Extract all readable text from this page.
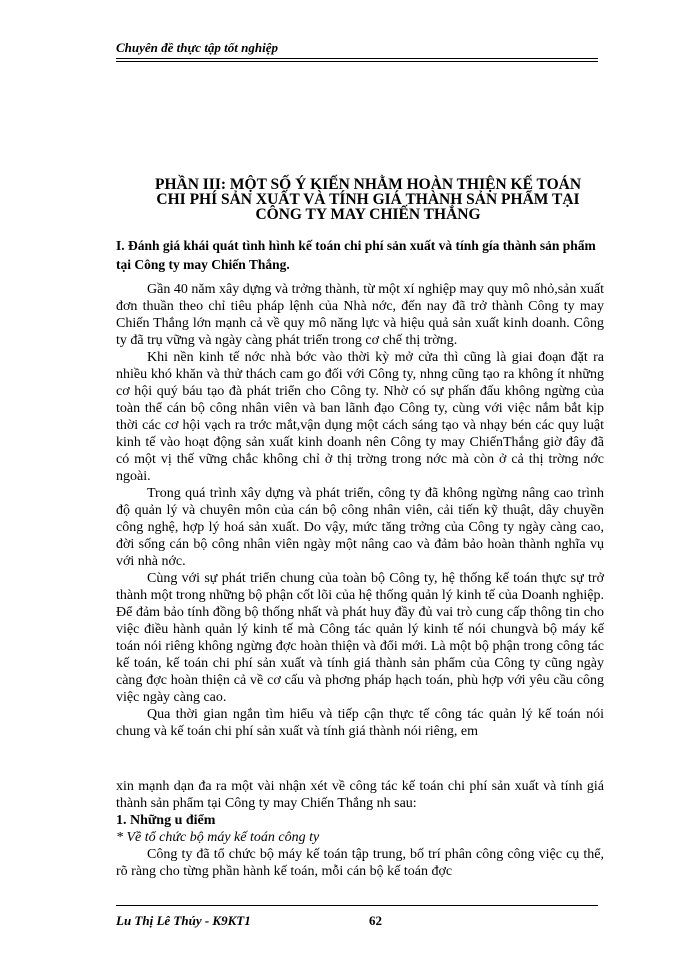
Chuyên đề thực tập tốt nghiệp
PHẦN III: MỘT SỐ Ý KIẾN NHẰM HOÀN THIỆN KẾ TOÁN
CHI PHÍ SẢN XUẤT VÀ TÍNH GIÁ THÀNH SẢN PHẨM TẠI
CÔNG TY MAY CHIẾN THẮNG
I. Đánh giá khái quát tình hình kế toán chi phí sản xuất và tính gía thành sản phẩm tại Công ty may Chiến Thắng.

Gần 40 năm xây dựng và trởng thành, từ một xí nghiệp may quy mô nhỏ,sản xuất đơn thuần theo chỉ tiêu pháp lệnh của Nhà nớc, đến nay đã trở thành Công ty may Chiến Thắng lớn mạnh cả về quy mô năng lực và hiệu quả sản xuất kinh doanh. Công ty đã trụ vững và ngày càng phát triển trong cơ chế thị trờng.

Khi nền kinh tế nớc nhà bớc vào thời kỳ mở cửa thì cũng là giai đoạn đặt ra nhiều khó khăn và thử thách cam go đối với Công ty, nhng cũng tạo ra không ít những cơ hội quý báu tạo đà phát triển cho Công ty. Nhờ có sự phấn đấu không ngừng của toàn thể cán bộ công nhân viên và ban lãnh đạo Công ty, cùng với việc nắm bắt kịp thời các cơ hội vạch ra trớc mắt,vận dụng một cách sáng tạo và nhạy bén các quy luật kinh tế vào hoạt động sản xuất kinh doanh nên Công ty may ChiếnThắng giờ đây đã có một vị thế vững chắc không chỉ ở thị trờng trong nớc mà còn ở cả thị trờng nớc ngoài.

Trong quá trình xây dựng và phát triển, công ty đã không ngừng nâng cao trình độ quản lý và chuyên môn của cán bộ công nhân viên, cải tiến kỹ thuật, dây chuyền công nghệ, hợp lý hoá sản xuất. Do vậy, mức tăng trởng của Công ty ngày càng cao, đời sống cán bộ công nhân viên ngày một nâng cao và đảm bảo hoàn thành nghĩa vụ với nhà nớc.

Cùng với sự phát triển chung của toàn bộ Công ty, hệ thống kế toán thực sự trở thành một trong những bộ phận cốt lõi của hệ thống quản lý kinh tế của Doanh nghiệp. Để đảm bảo tính đồng bộ thống nhất và phát huy đầy đủ vai trò cung cấp thông tin cho việc điều hành quản lý kinh tế mà Công tác quản lý kinh tế nói chungvà bộ máy kế toán nói riêng không ngừng đợc hoàn thiện và đổi mới. Là một bộ phận trong công tác kế toán, kế toán chi phí sản xuất và tính giá thành sản phẩm của Công ty cũng ngày càng đợc hoàn thiện cả về cơ cấu và phơng pháp hạch toán, phù hợp với yêu cầu công việc ngày càng cao.

Qua thời gian ngắn tìm hiểu và tiếp cận thực tế công tác quản lý kế toán nói chung và kế toán chi phí sản xuất và tính giá thành nói riêng, em

xin mạnh dạn đa ra một vài nhận xét về công tác kế toán chi phí sản xuất và tính giá thành sản phẩm tại Công ty may Chiến Thắng nh sau:

1. Những u điểm
* Về tổ chức bộ máy kế toán công ty

Công ty đã tổ chức bộ máy kế toán tập trung, bố trí phân công công việc cụ thể, rõ ràng cho từng phần hành kế toán, mỗi cán bộ kế toán đợc

Lu Thị Lê Thúy - K9KT1	62
